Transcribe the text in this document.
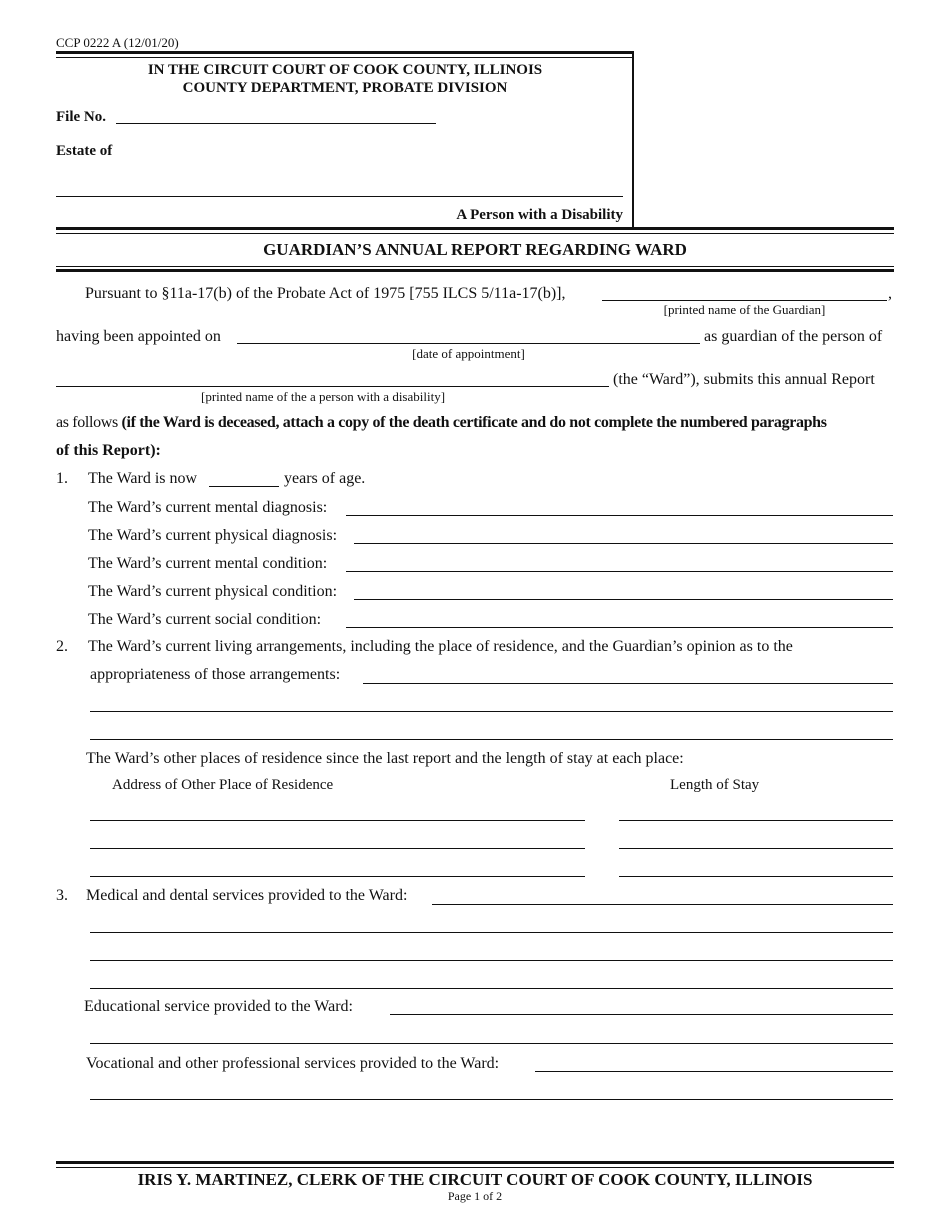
CCP 0222 A (12/01/20)
IN THE CIRCUIT COURT OF COOK COUNTY, ILLINOIS
COUNTY DEPARTMENT, PROBATE DIVISION
File No.
Estate of
A Person with a Disability
GUARDIAN’S ANNUAL REPORT REGARDING WARD
Pursuant to §11a-17(b) of the Probate Act of 1975 [755 ILCS 5/11a-17(b)],	,
[printed name of the Guardian]
having been appointed on	as guardian of the person of
[date of appointment]
(the “Ward”), submits this annual Report
[printed name of the a person with a disability]
as follows (if the Ward is deceased, attach a copy of the death certificate and do not complete the numbered paragraphs
of this Report):
1. The Ward is now	years of age.
The Ward’s current mental diagnosis:
The Ward’s current physical diagnosis:
The Ward’s current mental condition:
The Ward’s current physical condition:
The Ward’s current social condition:
2. The Ward’s current living arrangements, including the place of residence, and the Guardian’s opinion as to the
appropriateness of those arrangements:
The Ward’s other places of residence since the last report and the length of stay at each place:
Address of Other Place of Residence	Length of Stay
3. Medical and dental services provided to the Ward:
Educational service provided to the Ward:
Vocational and other professional services provided to the Ward:
IRIS Y. MARTINEZ, CLERK OF THE CIRCUIT COURT OF COOK COUNTY, ILLINOIS
Page 1 of 2
